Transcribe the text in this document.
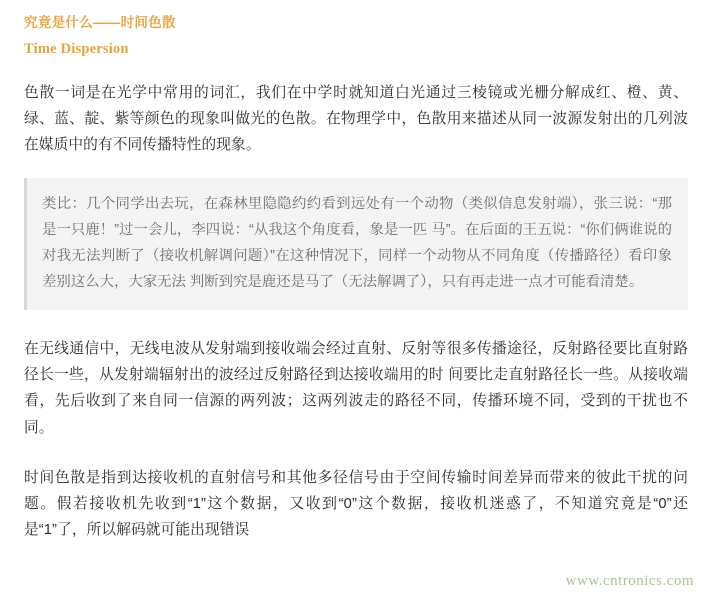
究竟是什么——时间色散
Time Dispersion

色散一词是在光学中常用的词汇，我们在中学时就知道白光通过三棱镜或光栅分解成红、橙、黄、绿、蓝、靛、紫等颜色的现象叫做光的色散。在物理学中，色散用来描述从同一波源发射出的几列波在媒质中的有不同传播特性的现象。

类比：几个同学出去玩，在森林里隐隐约约看到远处有一个动物（类似信息发射端），张三说：“那是一只鹿！”过一会儿，李四说：“从我这个角度看，象是一匹 马”。在后面的王五说：“你们俩谁说的对我无法判断了（接收机解调问题）”在这种情况下，同样一个动物从不同角度（传播路径）看印象差别这么大，大家无法 判断到究是鹿还是马了（无法解调了），只有再走进一点才可能看清楚。

在无线通信中，无线电波从发射端到接收端会经过直射、反射等很多传播途径，反射路径要比直射路径长一些，从发射端辐射出的波经过反射路径到达接收端用的时 间要比走直射路径长一些。从接收端看，先后收到了来自同一信源的两列波；这两列波走的路径不同，传播环境不同，受到的干扰也不同。

时间色散是指到达接收机的直射信号和其他多径信号由于空间传输时间差异而带来的彼此干扰的问题。假若接收机先收到“1”这个数据，又收到“0”这个数据，接收机迷惑了，不知道究竟是“0”还是“1”了，所以解码就可能出现错误

www.cntronics.com
